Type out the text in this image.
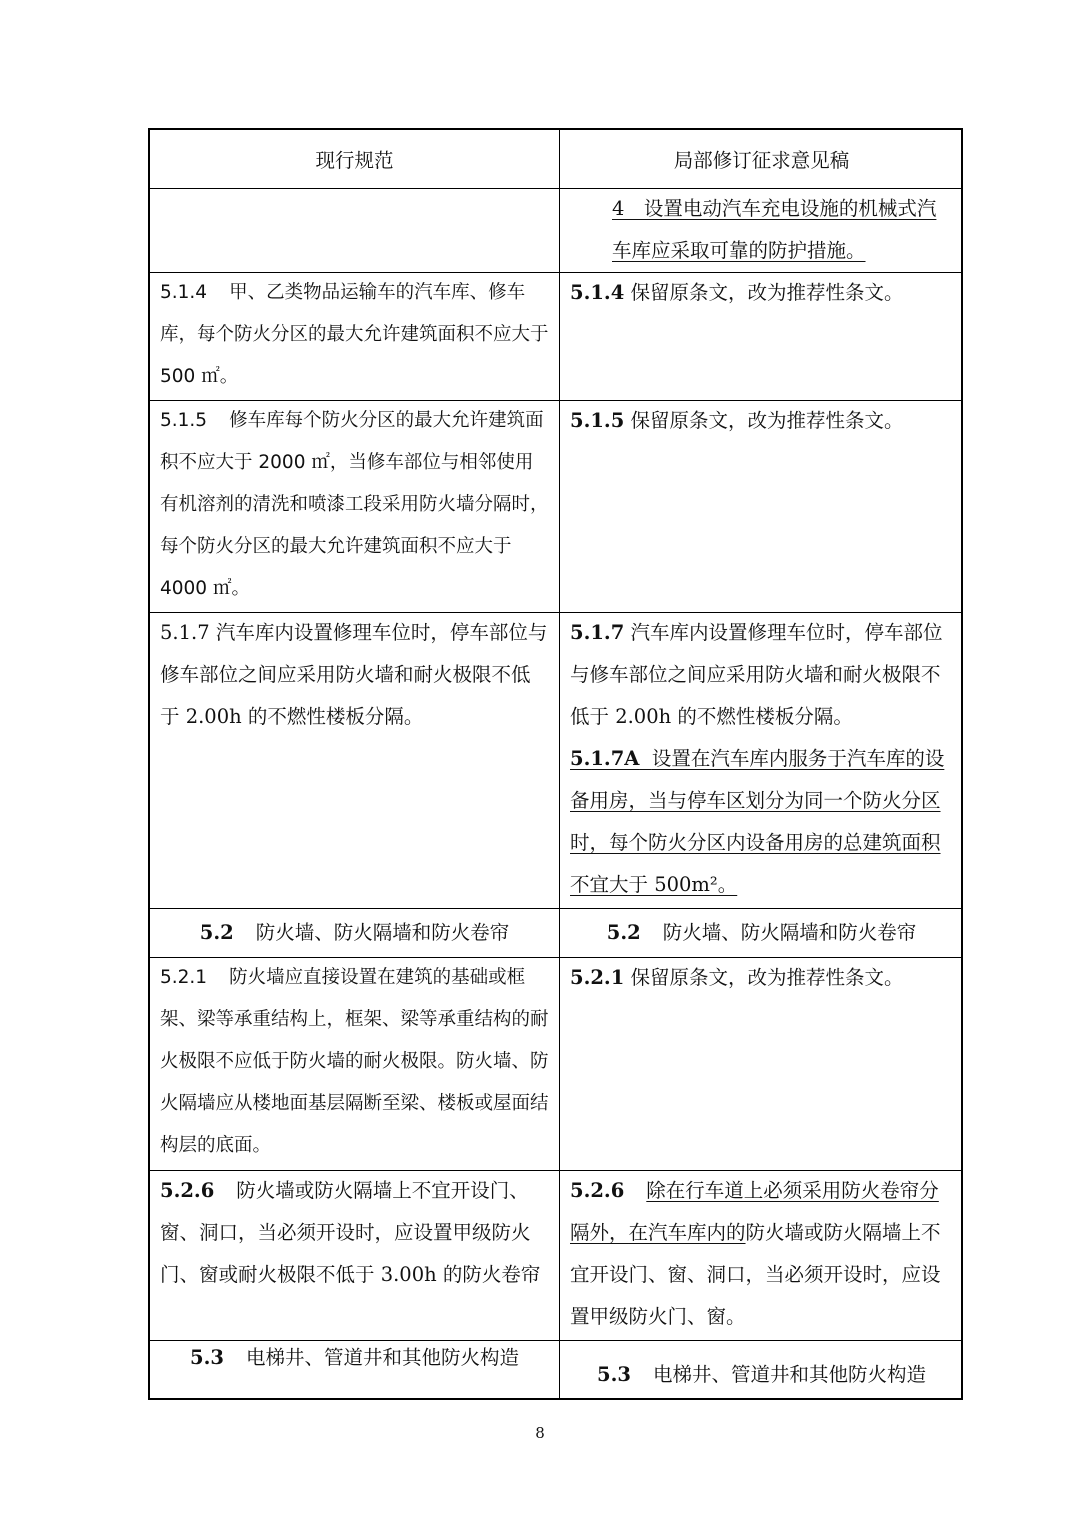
现行规范	局部修订征求意见稿
4　设置电动汽车充电设施的机械式汽车库应采取可靠的防护措施。
5.1.4 甲、乙类物品运输车的汽车库、修车库，每个防火分区的最大允许建筑面积不应大于 500 ㎡。
5.1.4 保留原条文，改为推荐性条文。
5.1.5 修车库每个防火分区的最大允许建筑面积不应大于 2000 ㎡，当修车部位与相邻使用有机溶剂的清洗和喷漆工段采用防火墙分隔时，每个防火分区的最大允许建筑面积不应大于 4000 ㎡。
5.1.5 保留原条文，改为推荐性条文。
5.1.7 汽车库内设置修理车位时，停车部位与修车部位之间应采用防火墙和耐火极限不低于 2.00h 的不燃性楼板分隔。
5.1.7 汽车库内设置修理车位时，停车部位与修车部位之间应采用防火墙和耐火极限不低于 2.00h 的不燃性楼板分隔。
5.1.7A 设置在汽车库内服务于汽车库的设备用房，当与停车区划分为同一个防火分区时，每个防火分区内设备用房的总建筑面积不宜大于 500m²。
5.2 防火墙、防火隔墙和防火卷帘	5.2 防火墙、防火隔墙和防火卷帘
5.2.1 防火墙应直接设置在建筑的基础或框架、梁等承重结构上，框架、梁等承重结构的耐火极限不应低于防火墙的耐火极限。防火墙、防火隔墙应从楼地面基层隔断至梁、楼板或屋面结构层的底面。
5.2.1 保留原条文，改为推荐性条文。
5.2.6 防火墙或防火隔墙上不宜开设门、窗、洞口，当必须开设时，应设置甲级防火门、窗或耐火极限不低于 3.00h 的防火卷帘
5.2.6 除在行车道上必须采用防火卷帘分隔外，在汽车库内的防火墙或防火隔墙上不宜开设门、窗、洞口，当必须开设时，应设置甲级防火门、窗。
5.3 电梯井、管道井和其他防火构造
5.3 电梯井、管道井和其他防火构造
8
